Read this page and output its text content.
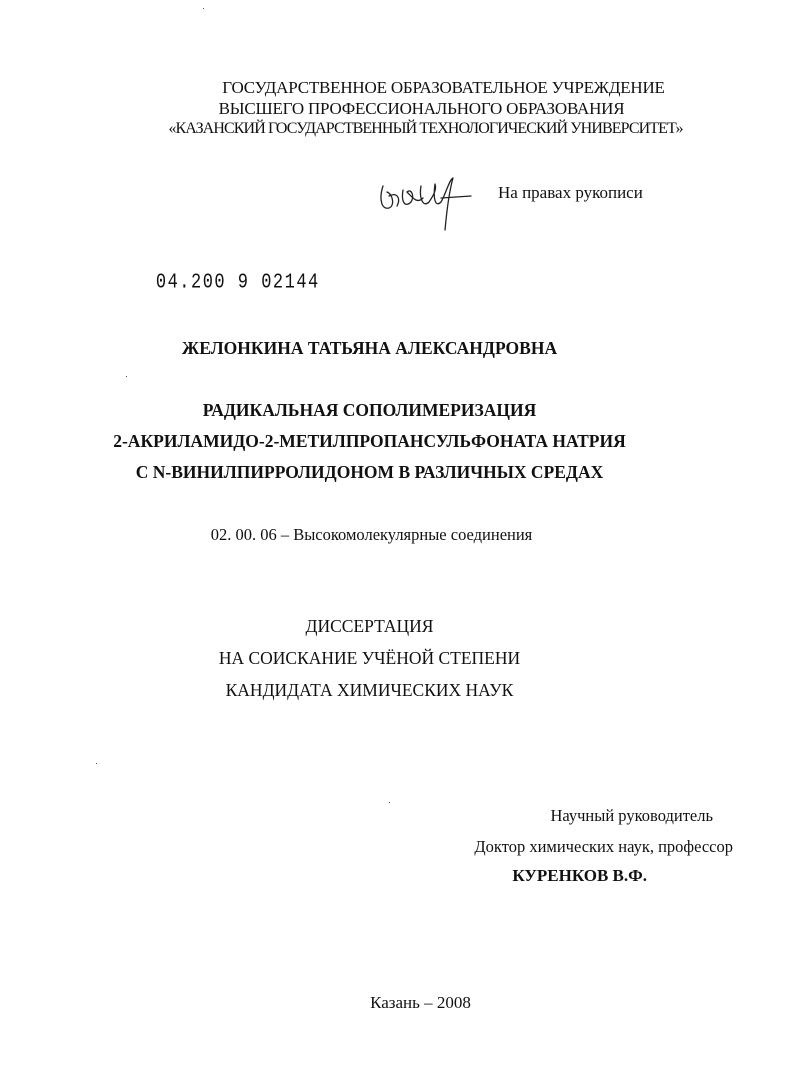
ГОСУДАРСТВЕННОЕ ОБРАЗОВАТЕЛЬНОЕ УЧРЕЖДЕНИЕ
ВЫСШЕГО ПРОФЕССИОНАЛЬНОГО ОБРАЗОВАНИЯ
«КАЗАНСКИЙ ГОСУДАРСТВЕННЫЙ ТЕХНОЛОГИЧЕСКИЙ УНИВЕРСИТЕТ»
На правах рукописи
 04.200 9 02144
ЖЕЛОНКИНА ТАТЬЯНА АЛЕКСАНДРОВНА
РАДИКАЛЬНАЯ СОПОЛИМЕРИЗАЦИЯ
2-АКРИЛАМИДО-2-МЕТИЛПРОПАНСУЛЬФОНАТА НАТРИЯ
С N-ВИНИЛПИРРОЛИДОНОМ В РАЗЛИЧНЫХ СРЕДАХ
02. 00. 06 – Высокомолекулярные соединения
ДИССЕРТАЦИЯ
НА СОИСКАНИЕ УЧЁНОЙ СТЕПЕНИ
КАНДИДАТА ХИМИЧЕСКИХ НАУК
Научный руководитель
Доктор химических наук, профессор
КУРЕНКОВ В.Ф.
Казань – 2008
